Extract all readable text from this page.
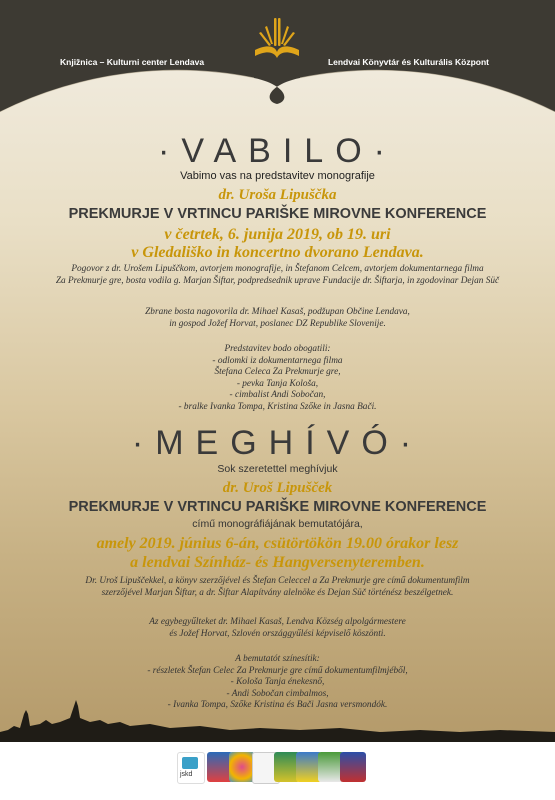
Knjižnica – Kulturni center Lendava	Lendvai Könyvtár és Kulturális Központ
·VABILO·
Vabimo vas na predstavitev monografije
dr. Uroša Lipuščka
PREKMURJE V VRTINCU PARIŠKE MIROVNE KONFERENCE
v četrtek, 6. junija 2019, ob 19. uri
v Gledališko in koncertno dvorano Lendava.
Pogovor z dr. Urošem Lipuščkom, avtorjem monografije, in Štefanom Celcem, avtorjem dokumentarnega filma
Za Prekmurje gre, bosta vodila g. Marjan Šiftar, podpredsednik uprave Fundacije dr. Šiftarja, in zgodovinar Dejan Süč
Zbrane bosta nagovorila dr. Mihael Kasaš, podžupan Občine Lendava,
in gospod Jožef Horvat, poslanec DZ Republike Slovenije.
Predstavitev bodo obogatili:
- odlomki iz dokumentarnega filma
Štefana Celeca Za Prekmurje gre,
- pevka Tanja Kološa,
- cimbalist Andi Sobočan,
- bralke Ivanka Tompa, Kristina Szőke in Jasna Bači.
·MEGHÍVÓ·
Sok szeretettel meghívjuk
dr. Uroš Lipušček
PREKMURJE V VRTINCU PARIŠKE MIROVNE KONFERENCE
című monográfiájának bemutatójára,
amely 2019. június 6-án, csütörtökön 19.00 órakor lesz
a lendvai Színház- és Hangversenyteremben.
Dr. Uroš Lipuščekkel, a könyv szerzőjével és Štefan Celeccel a Za Prekmurje gre című dokumentumfilm
szerzőjével Marjan Šiftar, a dr. Šiftar Alapítvány alelnöke és Dejan Süč történész beszélgetnek.
Az egybegyűlteket dr. Mihael Kasaš, Lendva Község alpolgármestere
és Jožef Horvat, Szlovén országgyűlési képviselő köszönti.
A bemutatót színesítik:
- részletek Štefan Celec Za Prekmurje gre című dokumentumfilmjéből,
- Kološa Tanja énekesnő,
- Andi Sobočan cimbalmos,
- Ivanka Tompa, Szőke Kristina és Bači Jasna versmondók.
jskd
